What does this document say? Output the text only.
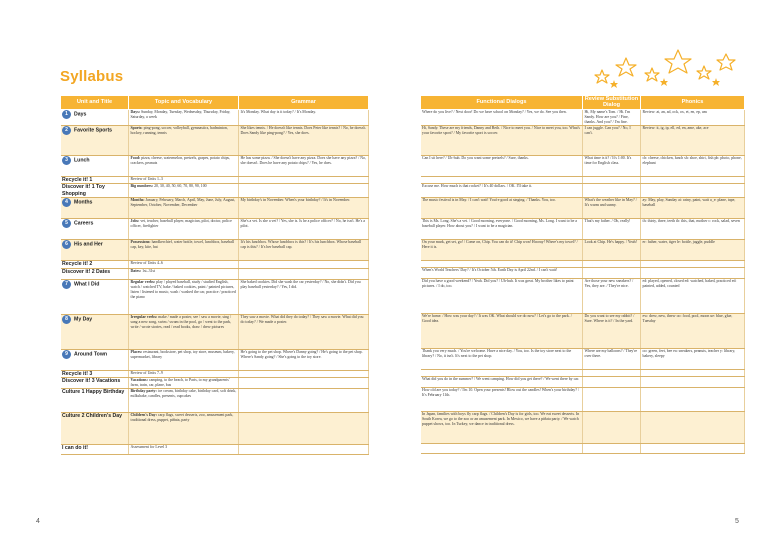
Syllabus
Unit and Title	Topic and Vocabulary	Grammar
1 Days	Days: Sunday, Monday, Tuesday, Wednesday, Thursday, Friday, Saturday, a week	It's Monday. What day is it today? / It's Monday.
2 Favorite Sports	Sports: ping-pong, soccer, volleyball, gymnastics, badminton, hockey, running, tennis	She likes tennis. / He doesn't like tennis. Does Peter like tennis? / No, he doesn't. Does Sandy like ping-pong? / Yes, she does.
3 Lunch	Food: pizza, cheese, watermelon, pretzels, grapes, potato chips, crackers, peanuts	He has some pizza. / She doesn't have any pizza. Does she have any pizza? / No, she doesn't. Does he have any potato chips? / Yes, he does.
Recycle it! 1	Review of Units 1–3	
Discover it! 1 Toy Shopping	Big numbers: 20, 30, 40, 50, 60, 70, 80, 90, 100	
4 Months	Months: January, February, March, April, May, June, July, August, September, October, November, December	My birthday's in November. When's your birthday? / It's in November.
5 Careers	Jobs: vet, teacher, baseball player, magician, pilot, doctor, police officer, firefighter	She's a vet. Is she a vet? / Yes, she is. Is he a police officer? / No, he isn't. He's a pilot.
6 His and Her	Possessions: handkerchief, water bottle, towel, lunchbox, baseball cap, key, kite, hat	It's his lunchbox. Whose lunchbox is this? / It's his lunchbox. Whose baseball cap is this? / It's her baseball cap.
Recycle it! 2	Review of Units 4–6	
Discover it! 2 Dates	Dates: 1st–31st	
7 What I Did	Regular verbs: play / played baseball, study / studied English, watch / watched TV, bake / baked cookies, paint / painted pictures, listen / listened to music, wash / washed the car, practice / practiced the piano	She baked cookies. Did she wash the car yesterday? / No, she didn't. Did you play baseball yesterday? / Yes, I did.
8 My Day	Irregular verbs: make / made a poster, see / saw a movie, sing / sang a new song, swim / swam in the pool, go / went to the park, write / wrote stories, read / read books, draw / drew pictures	They saw a movie. What did they do today? / They saw a movie. What did you do today? / We made a poster.
9 Around Town	Places: restaurant, bookstore, pet shop, toy store, museum, bakery, supermarket, library	He's going to the pet shop. Where's Danny going? / He's going to the pet shop. Where's Sandy going? / She's going to the toy store.
Recycle it! 3	Review of Units 7–9	
Discover it! 3 Vacations	Vacations: camping, to the beach, to Paris, to my grandparents' farm, train, car, plane, bus	
Culture 1 Happy Birthday	Birthday party: ice cream, birthday cake, birthday card, soft drink, milkshake, candles, presents, cupcakes	
Culture 2 Children's Day	Children's Day: carp flags, sweet desserts, zoo, amusement park, traditional dress, puppet, piñata, party	
I can do it!	Assessment for Level 3	
Functional Dialogs	Review Substitution Dialog	Phonics
Where do you live? / Next door! Do we have school on Monday? / Yes, we do. See you then.	Hi, My name's Tom. / Hi. I'm Sandy. How are you? / Fine, thanks. And you? / I'm fine.	Review: at, an, ad, ock, ox, et, en, ep, um
Hi, Sandy. These are my friends, Danny and Beth. / Nice to meet you. / Nice to meet you, too. What's your favorite sport? / My favorite sport is soccer.	I can juggle. Can you? / No, I can't.	Review: it, ig, ip, ell, ed, en, ame, ake, ace
Can I sit here? / Uh-huh. Do you want some pretzels? / Sure, thanks.	What time is it? / It's 1:00. It's time for English class.	ch: cheese, chicken, lunch sh: shoe, shirt, fish ph: photo, phone, elephant

Excuse me. How much is that rocket? / It's 40 dollars. / OK. I'll take it.		
The music festival is in May. / I can't wait! You're good at singing. / Thanks. You, too.	What's the weather like in May? / It's warm and sunny.	ay: May, play, Sunday ai: rainy, paint, wait a_e: plane, tape, baseball
This is Ms. Long. She's a vet. / Good morning, everyone. / Good morning, Ms. Long. I want to be a baseball player. How about you? / I want to be a magician.	That's my father. / Oh, really!	th: thirty, three, teeth th: this, that, mother c: rock, salad, seven
On your mark, get set, go! / Come on, Chip. You can do it! Chip won! Hooray! Where's my towel? / Here it is.	Look at Chip. He's happy. / Yeah!	er: father, water, tiger le: bottle, juggle, puddle

When's World Teachers' Day? / It's October 5th. Earth Day is April 22nd. / I can't wait!		
Did you have a good weekend? / Yeah. Did you? / Uh-huh. It was great. My brother likes to paint pictures. / I do, too.	Are those your new sneakers? / Yes, they are. / They're nice.	ed: played, opened, closed ed: watched, baked, practiced ed: painted, added, counted
We're home. / How was your day? / It was OK. What should we do now? / Let's go to the park. / Good idea.	Do you want to see my rabbit? / Sure. Where is it? / In the yard.	ew: drew, new, threw oo: food, pool, moon ue: blue, glue, Tuesday
Thank you very much. / You're welcome. Have a nice day. / You, too. Is the toy store next to the library? / No, it isn't. It's next to the pet shop.	Where are my balloons? / They're over there.	oo: green, feet, bee ea: sneakers, peanuts, teacher y: library, bakery, sleepy

What did you do in the summer? / We went camping. How did you get there? / We went there by car.		
How old are you today? / I'm 10. Open your presents! Blow out the candles! When's your birthday? / It's February 11th.		
In Japan, families with boys fly carp flags. / Children's Day is for girls, too. We eat sweet desserts. In South Korea, we go to the zoo or an amusement park. In Mexico, we have a piñata party. / We watch puppet shows, too. In Turkey, we dance in traditional dress.		

4	5
